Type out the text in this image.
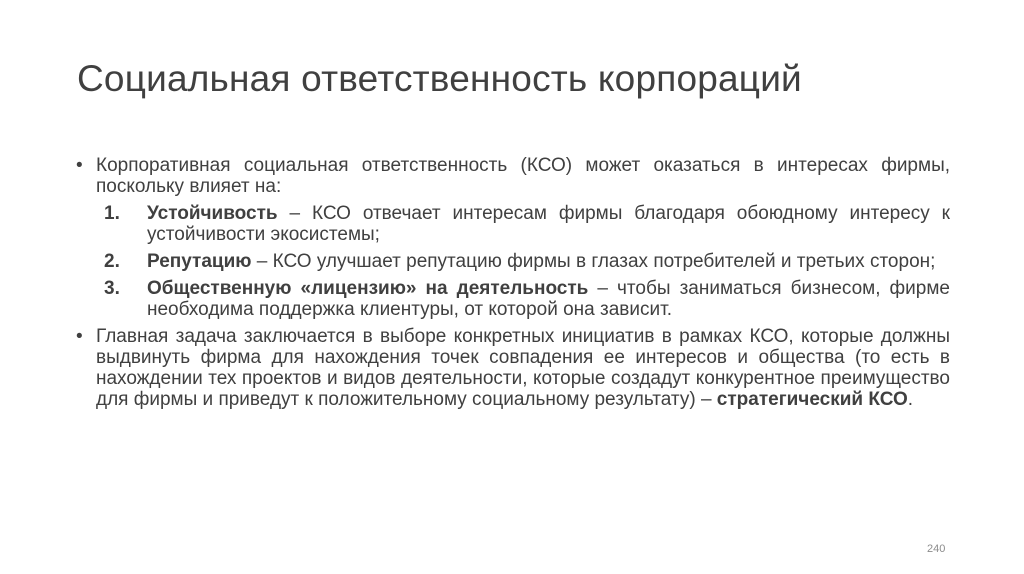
Социальная ответственность корпораций
• Корпоративная социальная ответственность (КСО) может оказаться в интересах фирмы, поскольку влияет на:
1. Устойчивость – КСО отвечает интересам фирмы благодаря обоюдному интересу к устойчивости экосистемы;
2. Репутацию – КСО улучшает репутацию фирмы в глазах потребителей и третьих сторон;
3. Общественную «лицензию» на деятельность – чтобы заниматься бизнесом, фирме необходима поддержка клиентуры, от которой она зависит.
• Главная задача заключается в выборе конкретных инициатив в рамках КСО, которые должны выдвинуть фирма для нахождения точек совпадения ее интересов и общества (то есть в нахождении тех проектов и видов деятельности, которые создадут конкурентное преимущество для фирмы и приведут к положительному социальному результату) – стратегический КСО.
240
